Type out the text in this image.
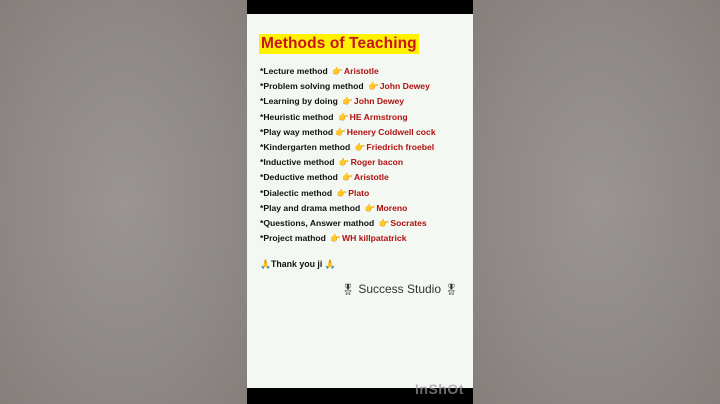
Methods of Teaching
*Lecture method 👉Aristotle
*Problem solving method 👉John Dewey
*Learning by doing 👉John Dewey
*Heuristic method 👉HE Armstrong
*Play way method 👉Henery Coldwell cock
*Kindergarten method 👉Friedrich froebel
*Inductive method 👉Roger bacon
*Deductive method 👉Aristotle
*Dialectic method 👉Plato
*Play and drama method 👉Moreno
*Questions, Answer mathod 👉Socrates
*Project mathod 👉WH killpatatrick
🙏Thank you ji 🙏
🎖 Success Studio 🎖
InShOt
